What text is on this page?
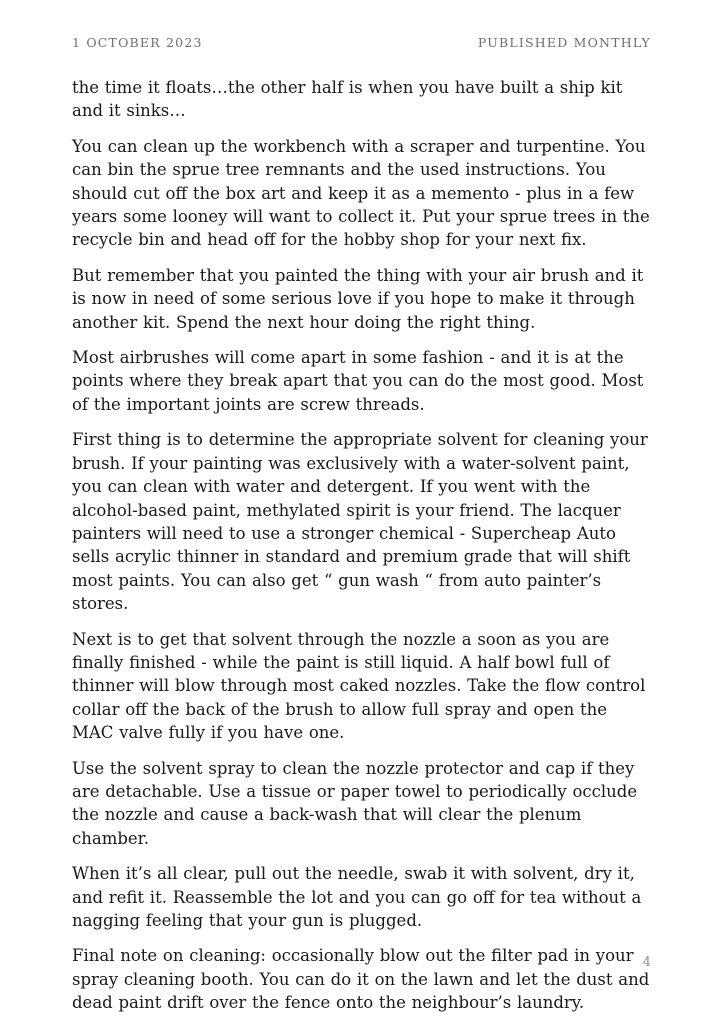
1 OCTOBER 2023	PUBLISHED MONTHLY

the time it floats…the other half is when you have built a ship kit and it sinks…

You can clean up the workbench with a scraper and turpentine. You can bin the sprue tree remnants and the used instructions. You should cut off the box art and keep it as a memento - plus in a few years some looney will want to collect it. Put your sprue trees in the recycle bin and head off for the hobby shop for your next fix.

But remember that you painted the thing with your air brush and it is now in need of some serious love if you hope to make it through another kit. Spend the next hour doing the right thing.

Most airbrushes will come apart in some fashion - and it is at the points where they break apart that you can do the most good. Most of the important joints are screw threads.

First thing is to determine the appropriate solvent for cleaning your brush. If your painting was exclusively with a water-solvent paint, you can clean with water and detergent. If you went with the alcohol-based paint, methylated spirit is your friend. The lacquer painters will need to use a stronger chemical - Supercheap Auto sells acrylic thinner in standard and premium grade that will shift most paints. You can also get “ gun wash “ from auto painter’s stores.

Next is to get that solvent through the nozzle a soon as you are finally finished - while the paint is still liquid. A half bowl full of thinner will blow through most caked nozzles. Take the flow control collar off the back of the brush to allow full spray and open the MAC valve fully if you have one.

Use the solvent spray to clean the nozzle protector and cap if they are detachable. Use a tissue or paper towel to periodically occlude the nozzle and cause a back-wash that will clear the plenum chamber.

When it’s all clear, pull out the needle, swab it with solvent, dry it, and refit it. Reassemble the lot and you can go off for tea without a nagging feeling that your gun is plugged.

Final note on cleaning: occasionally blow out the filter pad in your spray cleaning booth. You can do it on the lawn and let the dust and dead paint drift over the fence onto the neighbour’s laundry.

4
